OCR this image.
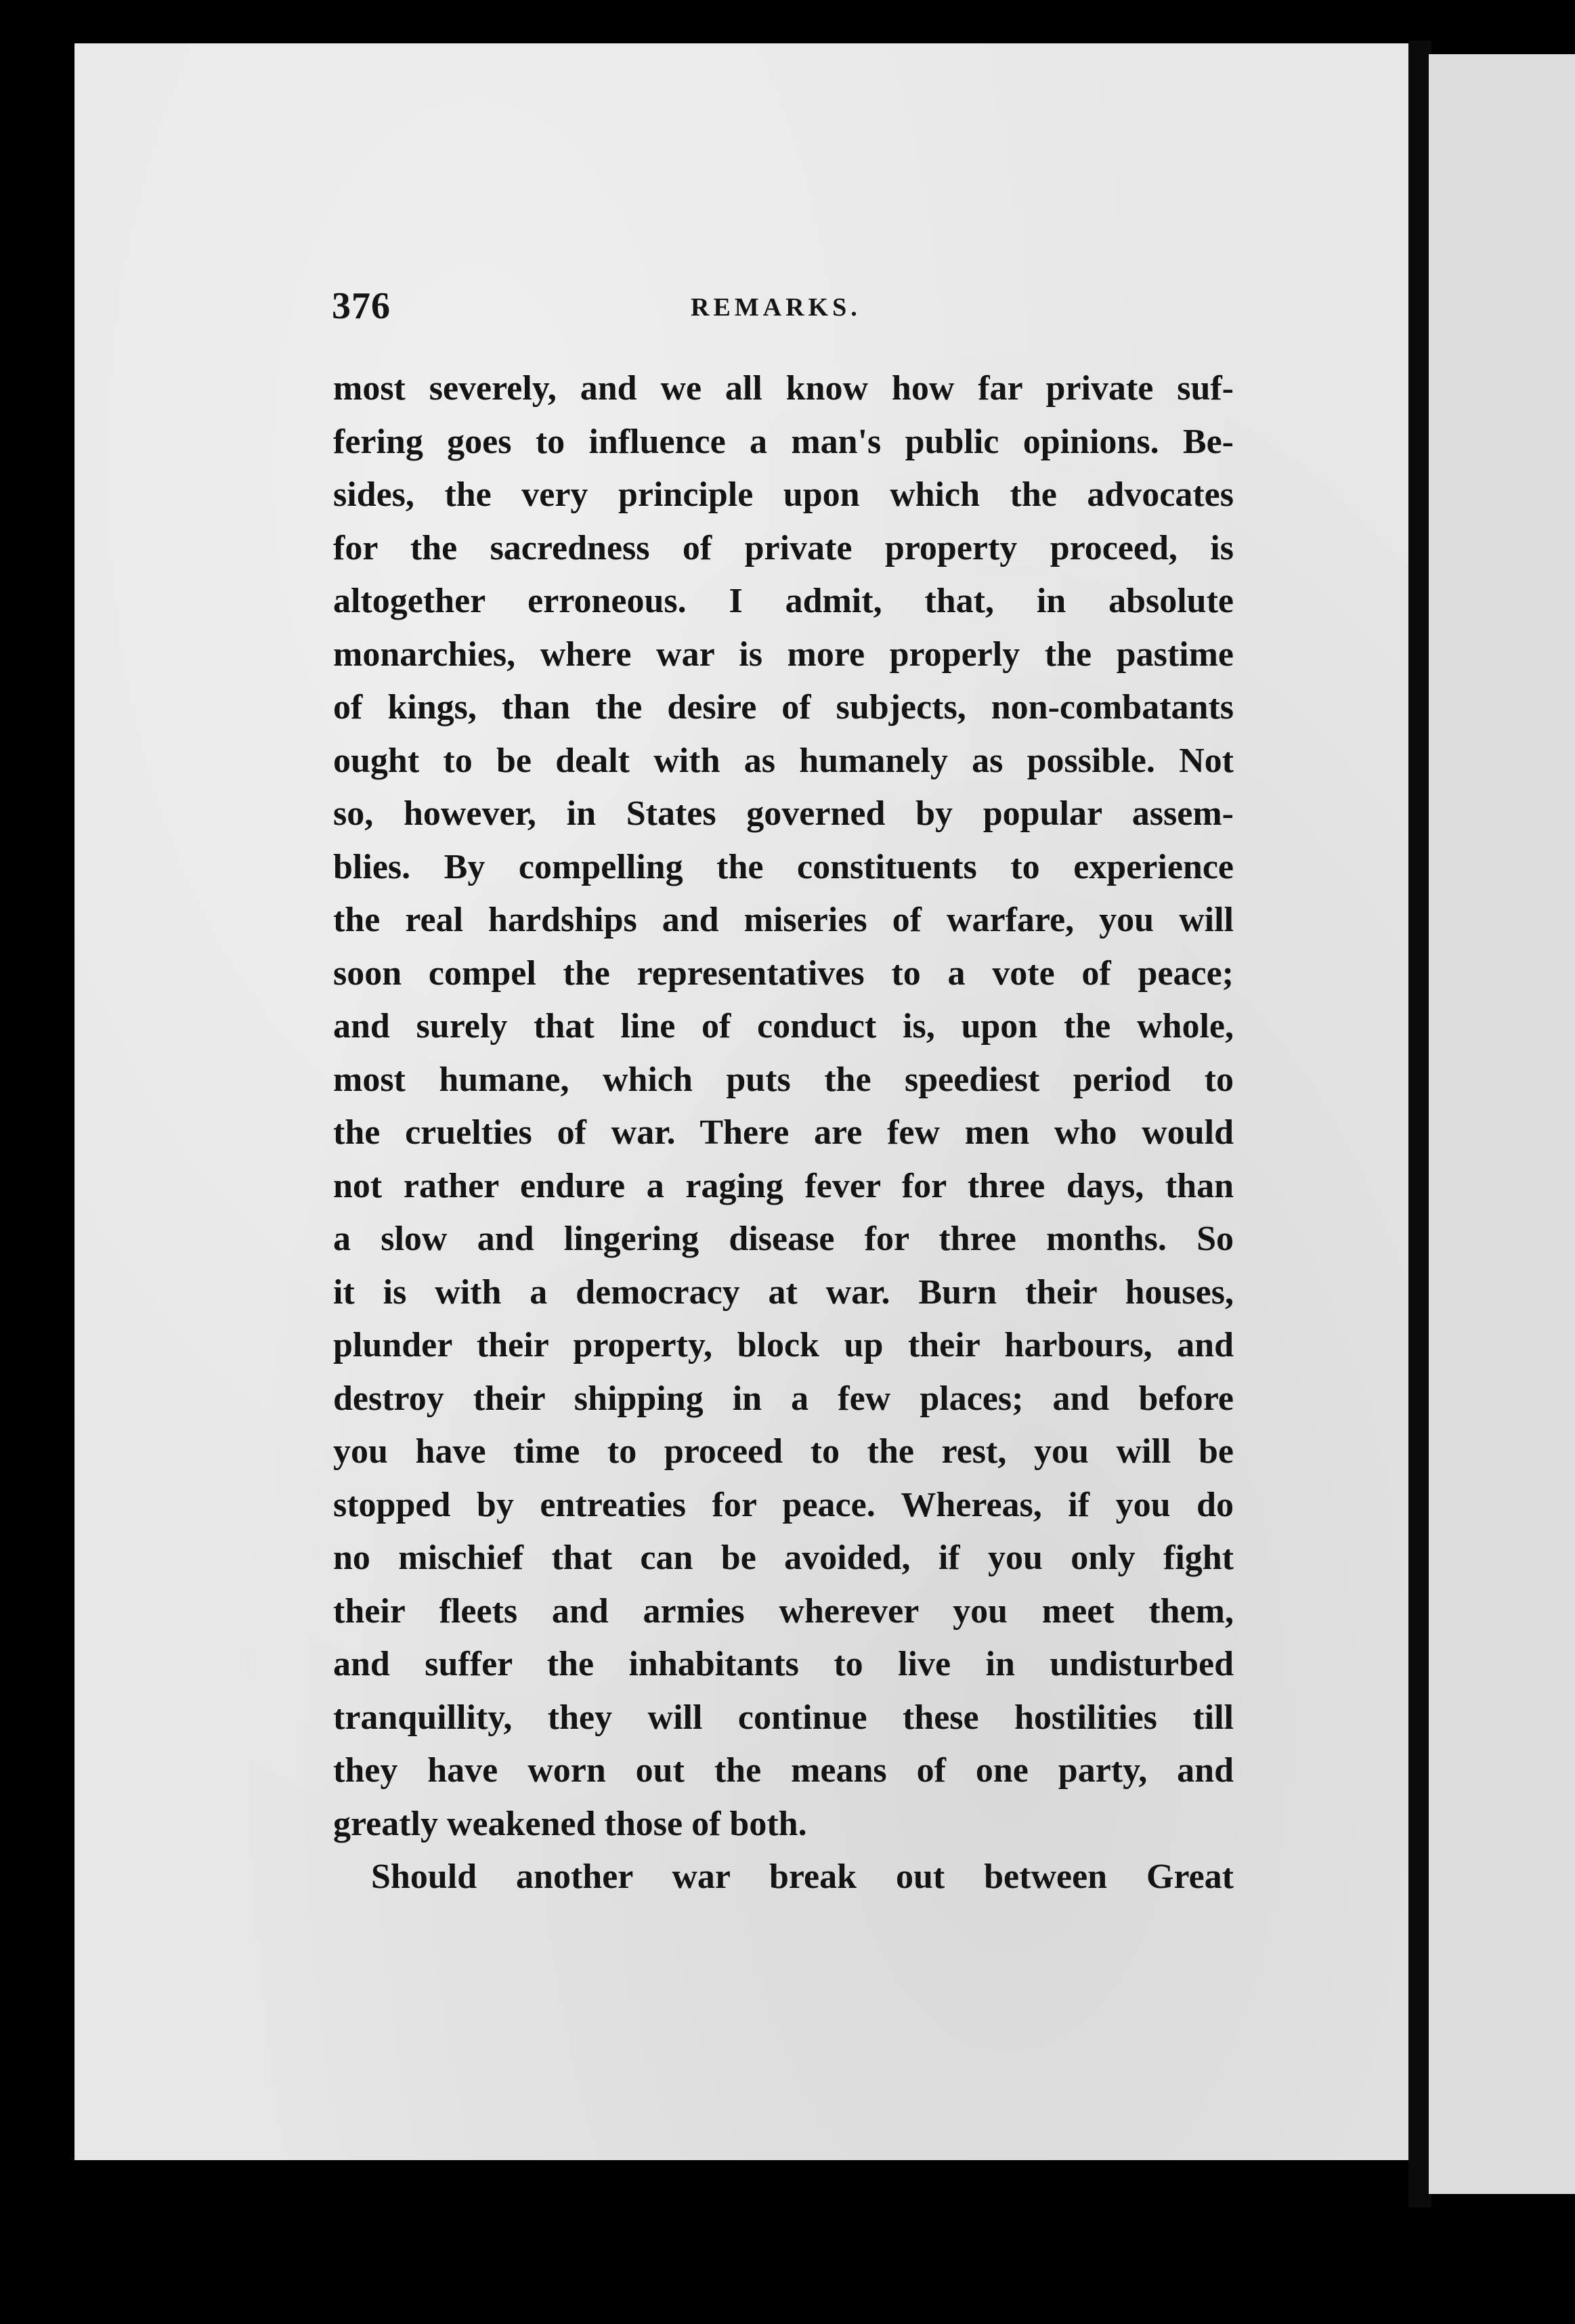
376	REMARKS.
most severely, and we all know how far private suf-
fering goes to influence a man's public opinions. Be-
sides, the very principle upon which the advocates
for the sacredness of private property proceed, is
altogether erroneous. I admit, that, in absolute
monarchies, where war is more properly the pastime
of kings, than the desire of subjects, non-combatants
ought to be dealt with as humanely as possible. Not
so, however, in States governed by popular assem-
blies. By compelling the constituents to experience
the real hardships and miseries of warfare, you will
soon compel the representatives to a vote of peace;
and surely that line of conduct is, upon the whole,
most humane, which puts the speediest period to
the cruelties of war. There are few men who would
not rather endure a raging fever for three days, than
a slow and lingering disease for three months. So
it is with a democracy at war. Burn their houses,
plunder their property, block up their harbours, and
destroy their shipping in a few places; and before
you have time to proceed to the rest, you will be
stopped by entreaties for peace. Whereas, if you do
no mischief that can be avoided, if you only fight
their fleets and armies wherever you meet them,
and suffer the inhabitants to live in undisturbed
tranquillity, they will continue these hostilities till
they have worn out the means of one party, and
greatly weakened those of both.
Should another war break out between Great
